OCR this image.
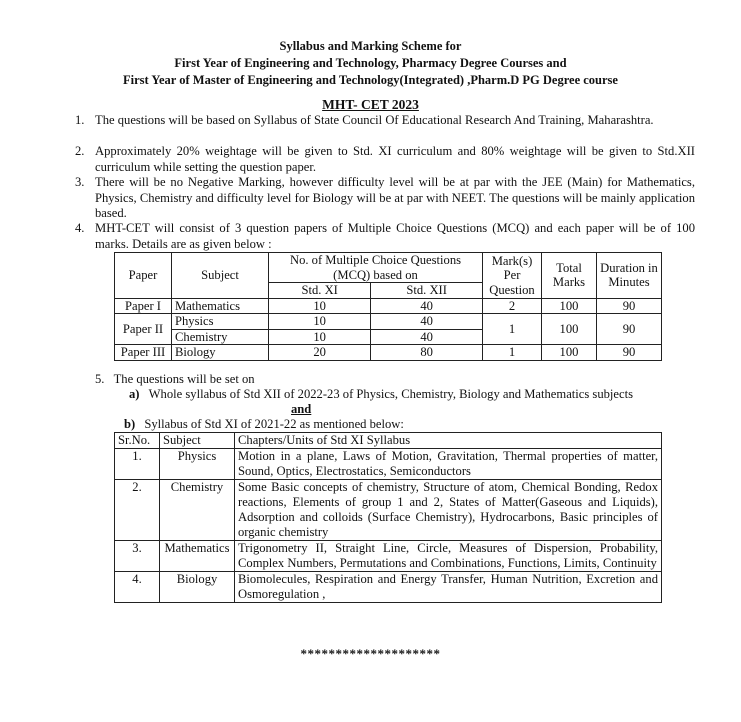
Syllabus and Marking Scheme for
First Year of Engineering and Technology, Pharmacy Degree Courses and
First Year of Master of Engineering and Technology(Integrated) ,Pharm.D PG Degree course
MHT- CET 2023
1. The questions will be based on Syllabus of State Council Of Educational Research And Training, Maharashtra.
2. Approximately 20% weightage will be given to Std. XI curriculum and 80% weightage will be given to Std.XII curriculum while setting the question paper.
3. There will be no Negative Marking, however difficulty level will be at par with the JEE (Main) for Mathematics, Physics, Chemistry and difficulty level for Biology will be at par with NEET. The questions will be mainly application based.
4. MHT-CET will consist of 3 question papers of Multiple Choice Questions (MCQ) and each paper will be of 100 marks. Details are as given below :
Paper	Subject	No. of Multiple Choice Questions (MCQ) based on		Mark(s) Per Question	Total Marks	Duration in Minutes
		Std. XI	Std. XII			
Paper I	Mathematics	10	40	2	100	90
Paper II	Physics	10	40	1	100	90
	Chemistry	10	40			
Paper III	Biology	20	80	1	100	90
5. The questions will be set on
a) Whole syllabus of Std XII of 2022-23 of Physics, Chemistry, Biology and Mathematics subjects
and
b) Syllabus of Std XI of 2021-22 as mentioned below:
Sr.No.	Subject	Chapters/Units of Std XI Syllabus
1.	Physics	Motion in a plane, Laws of Motion, Gravitation, Thermal properties of matter, Sound, Optics, Electrostatics, Semiconductors
2.	Chemistry	Some Basic concepts of chemistry, Structure of atom, Chemical Bonding, Redox reactions, Elements of group 1 and 2, States of Matter(Gaseous and Liquids), Adsorption and colloids (Surface Chemistry), Hydrocarbons, Basic principles of organic chemistry
3.	Mathematics	Trigonometry II, Straight Line, Circle, Measures of Dispersion, Probability, Complex Numbers, Permutations and Combinations, Functions, Limits, Continuity
4.	Biology	Biomolecules, Respiration and Energy Transfer, Human Nutrition, Excretion and Osmoregulation ,
********************
